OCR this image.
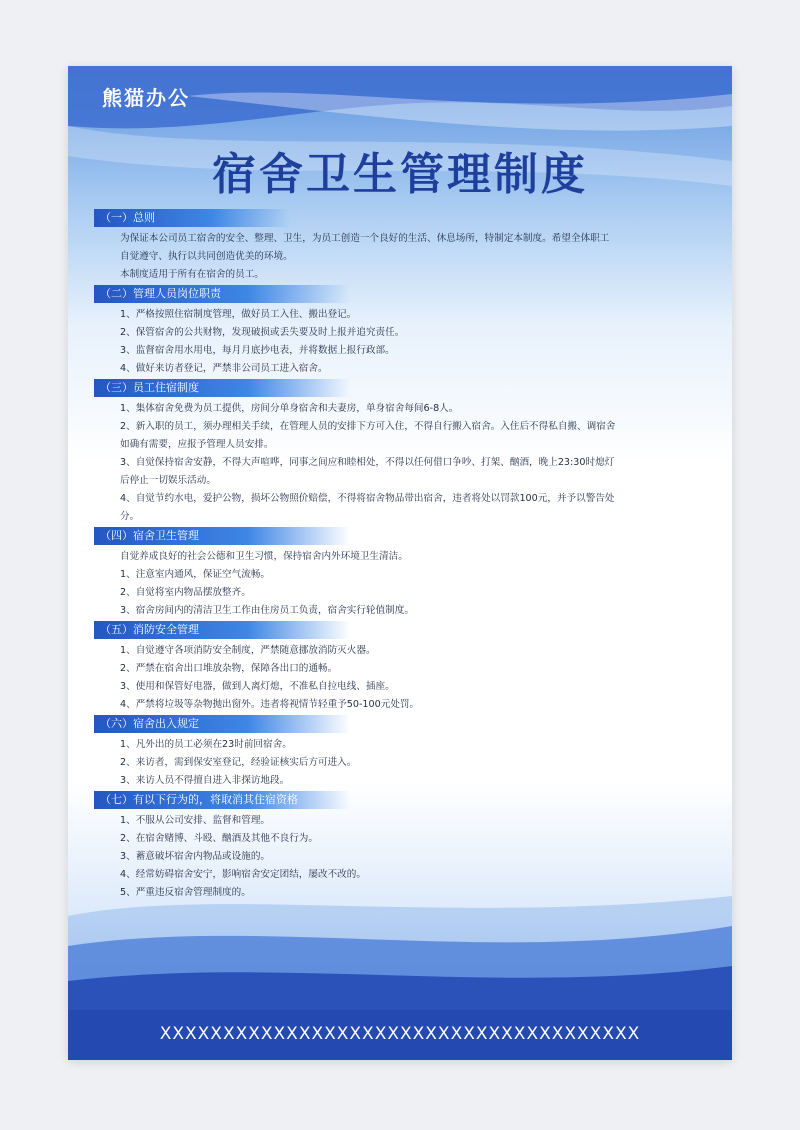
熊猫办公
宿舍卫生管理制度
（一）总则

为保证本公司员工宿舍的安全、整理、卫生，为员工创造一个良好的生活、休息场所，特制定本制度。希望全体职工

自觉遵守、执行以共同创造优美的环境。

本制度适用于所有在宿舍的员工。

（二）管理人员岗位职责

1、严格按照住宿制度管理，做好员工入住、搬出登记。

2、保管宿舍的公共财物，发现破损或丢失要及时上报并追究责任。

3、监督宿舍用水用电，每月月底抄电表，并将数据上报行政部。

4、做好来访者登记，严禁非公司员工进入宿舍。

（三）员工住宿制度

1、集体宿舍免费为员工提供，房间分单身宿舍和夫妻房，单身宿舍每间6-8人。

2、新入职的员工，须办理相关手续，在管理人员的安排下方可入住，不得自行搬入宿舍。入住后不得私自搬、调宿舍

如确有需要，应报予管理人员安排。

3、自觉保持宿舍安静，不得大声喧哗，同事之间应和睦相处，不得以任何借口争吵、打架、酗酒，晚上23:30时熄灯

后停止一切娱乐活动。

4、自觉节约水电，爱护公物，损坏公物照价赔偿，不得将宿舍物品带出宿舍，违者将处以罚款100元，并予以警告处

分。

（四）宿舍卫生管理

自觉养成良好的社会公德和卫生习惯，保持宿舍内外环境卫生清洁。

1、注意室内通风，保证空气流畅。

2、自觉将室内物品摆放整齐。

3、宿舍房间内的清洁卫生工作由住房员工负责，宿舍实行轮值制度。

（五）消防安全管理

1、自觉遵守各项消防安全制度，严禁随意挪放消防灭火器。

2、严禁在宿舍出口堆放杂物，保障各出口的通畅。

3、使用和保管好电器，做到人离灯熄，不准私自拉电线、插座。

4、严禁将垃圾等杂物抛出窗外。违者将视情节轻重予50-100元处罚。

（六）宿舍出入规定

1、凡外出的员工必须在23时前回宿舍。

2、来访者，需到保安室登记，经验证核实后方可进入。

3、来访人员不得擅自进入非探访地段。

（七）有以下行为的，将取消其住宿资格

1、不服从公司安排、监督和管理。

2、在宿舍赌博、斗殴、酗酒及其他不良行为。

3、蓄意破坏宿舍内物品或设施的。

4、经常妨碍宿舍安宁，影响宿舍安定团结，屡改不改的。

5、严重违反宿舍管理制度的。

XXXXXXXXXXXXXXXXXXXXXXXXXXXXXXXXXXXXXX
